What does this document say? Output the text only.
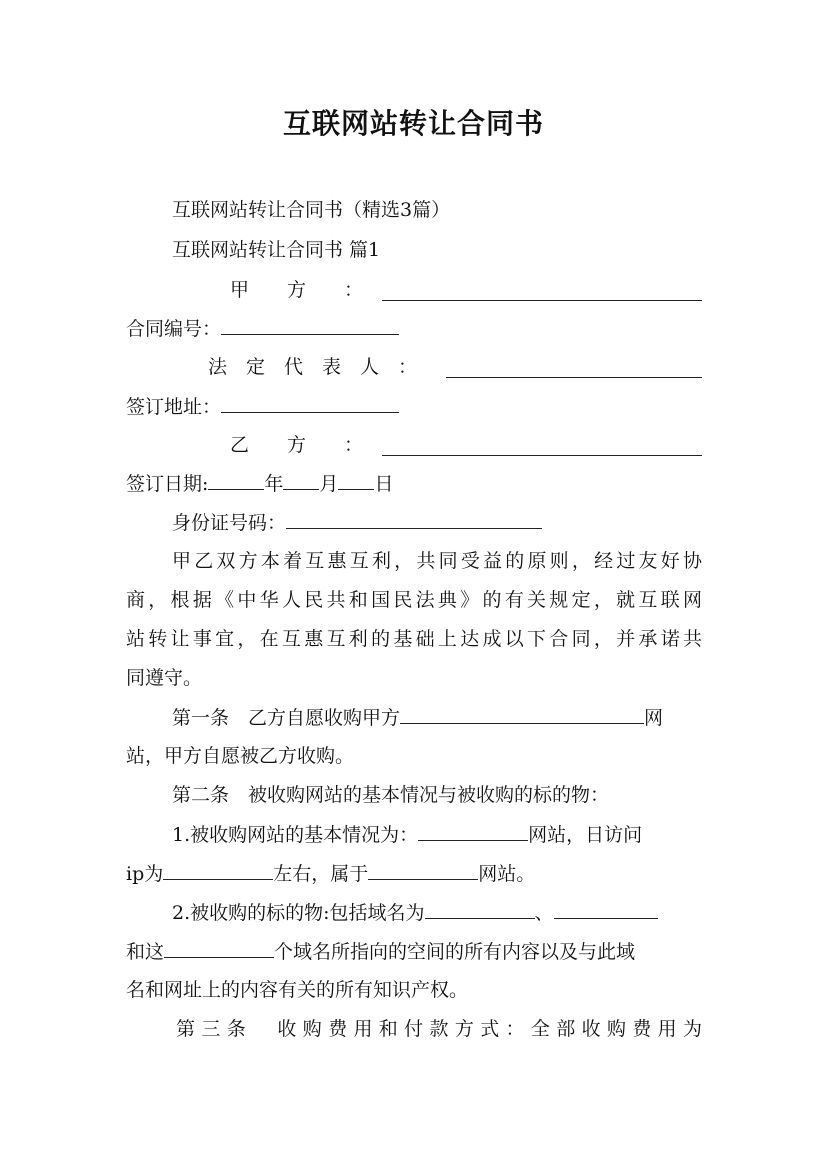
互联网站转让合同书
互联网站转让合同书（精选3篇）
互联网站转让合同书 篇1
甲　　方　　：
合同编号：
法　定　代　表　人　：
签订地址：
乙　　方　　：
签订日期:	年 月 日
身份证号码：
甲乙双方本着互惠互利，共同受益的原则，经过友好协
商，根据《中华人民共和国民法典》的有关规定，就互联网
站转让事宜，在互惠互利的基础上达成以下合同，并承诺共
同遵守。
第一条　乙方自愿收购甲方	网
站，甲方自愿被乙方收购。
第二条　被收购网站的基本情况与被收购的标的物：
1.被收购网站的基本情况为：	网站，日访问
ip为	左右，属于	网站。
2.被收购的标的物:包括域名为	、
和这	个域名所指向的空间的所有内容以及与此域
名和网址上的内容有关的所有知识产权。
第三条　收购费用和付款方式：全部收购费用为
